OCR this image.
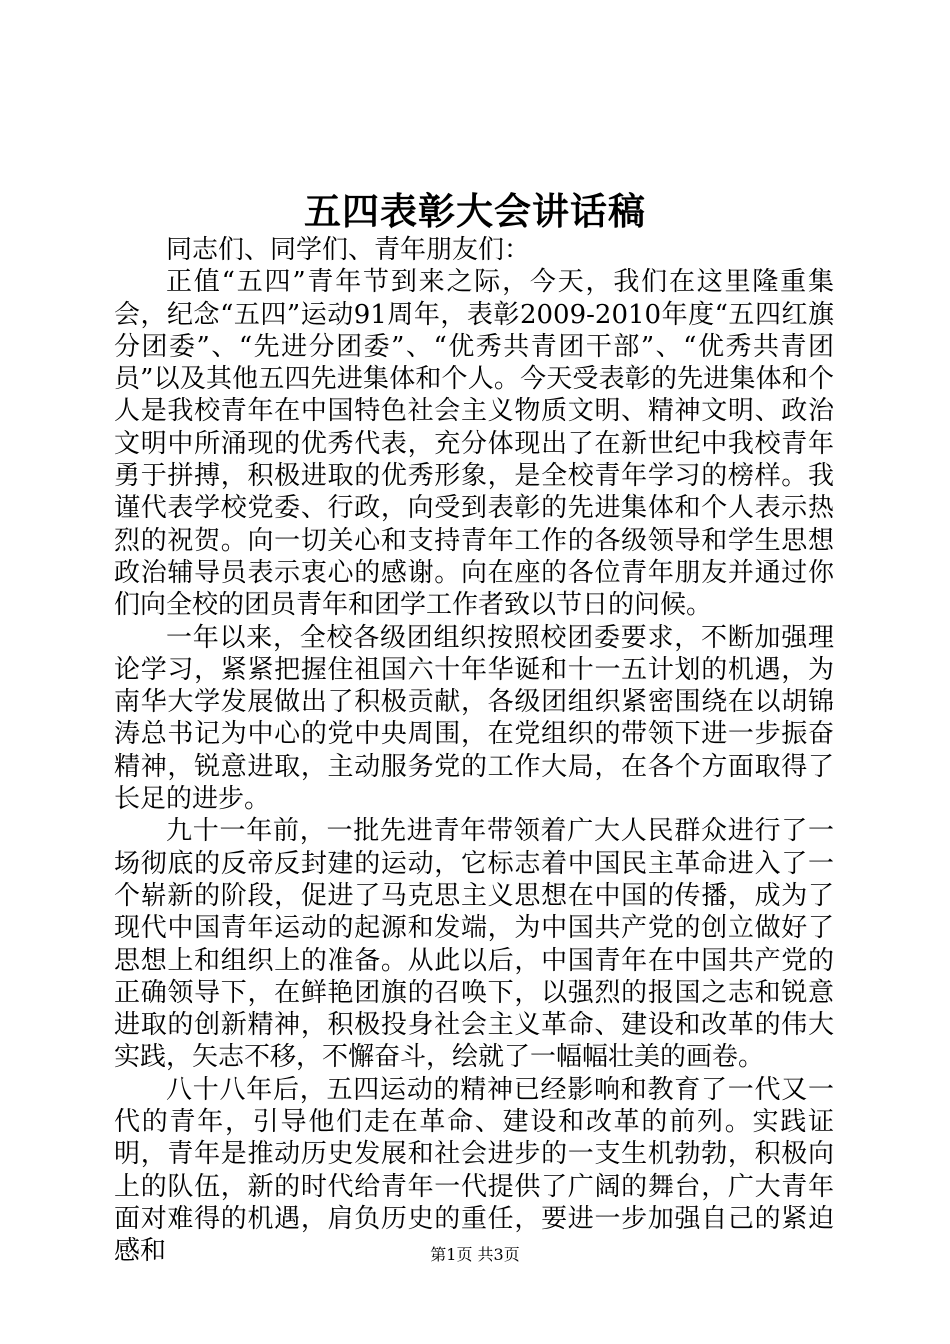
五四表彰大会讲话稿

同志们、同学们、青年朋友们：

正值“五四”青年节到来之际，今天，我们在这里隆重集会，纪念“五四”运动91周年，表彰2009-2010年度“五四红旗分团委”、“先进分团委”、“优秀共青团干部”、“优秀共青团员”以及其他五四先进集体和个人。今天受表彰的先进集体和个人是我校青年在中国特色社会主义物质文明、精神文明、政治文明中所涌现的优秀代表，充分体现出了在新世纪中我校青年勇于拼搏，积极进取的优秀形象，是全校青年学习的榜样。我谨代表学校党委、行政，向受到表彰的先进集体和个人表示热烈的祝贺。向一切关心和支持青年工作的各级领导和学生思想政治辅导员表示衷心的感谢。向在座的各位青年朋友并通过你们向全校的团员青年和团学工作者致以节日的问候。

一年以来，全校各级团组织按照校团委要求，不断加强理论学习，紧紧把握住祖国六十年华诞和十一五计划的机遇，为南华大学发展做出了积极贡献，各级团组织紧密围绕在以胡锦涛总书记为中心的党中央周围，在党组织的带领下进一步振奋精神，锐意进取，主动服务党的工作大局，在各个方面取得了长足的进步。

九十一年前，一批先进青年带领着广大人民群众进行了一场彻底的反帝反封建的运动，它标志着中国民主革命进入了一个崭新的阶段，促进了马克思主义思想在中国的传播，成为了现代中国青年运动的起源和发端，为中国共产党的创立做好了思想上和组织上的准备。从此以后，中国青年在中国共产党的正确领导下，在鲜艳团旗的召唤下，以强烈的报国之志和锐意进取的创新精神，积极投身社会主义革命、建设和改革的伟大实践，矢志不移，不懈奋斗，绘就了一幅幅壮美的画卷。

八十八年后，五四运动的精神已经影响和教育了一代又一代的青年，引导他们走在革命、建设和改革的前列。实践证明，青年是推动历史发展和社会进步的一支生机勃勃，积极向上的队伍，新的时代给青年一代提供了广阔的舞台，广大青年面对难得的机遇，肩负历史的重任，要进一步加强自己的紧迫感和	第1页 共3页
